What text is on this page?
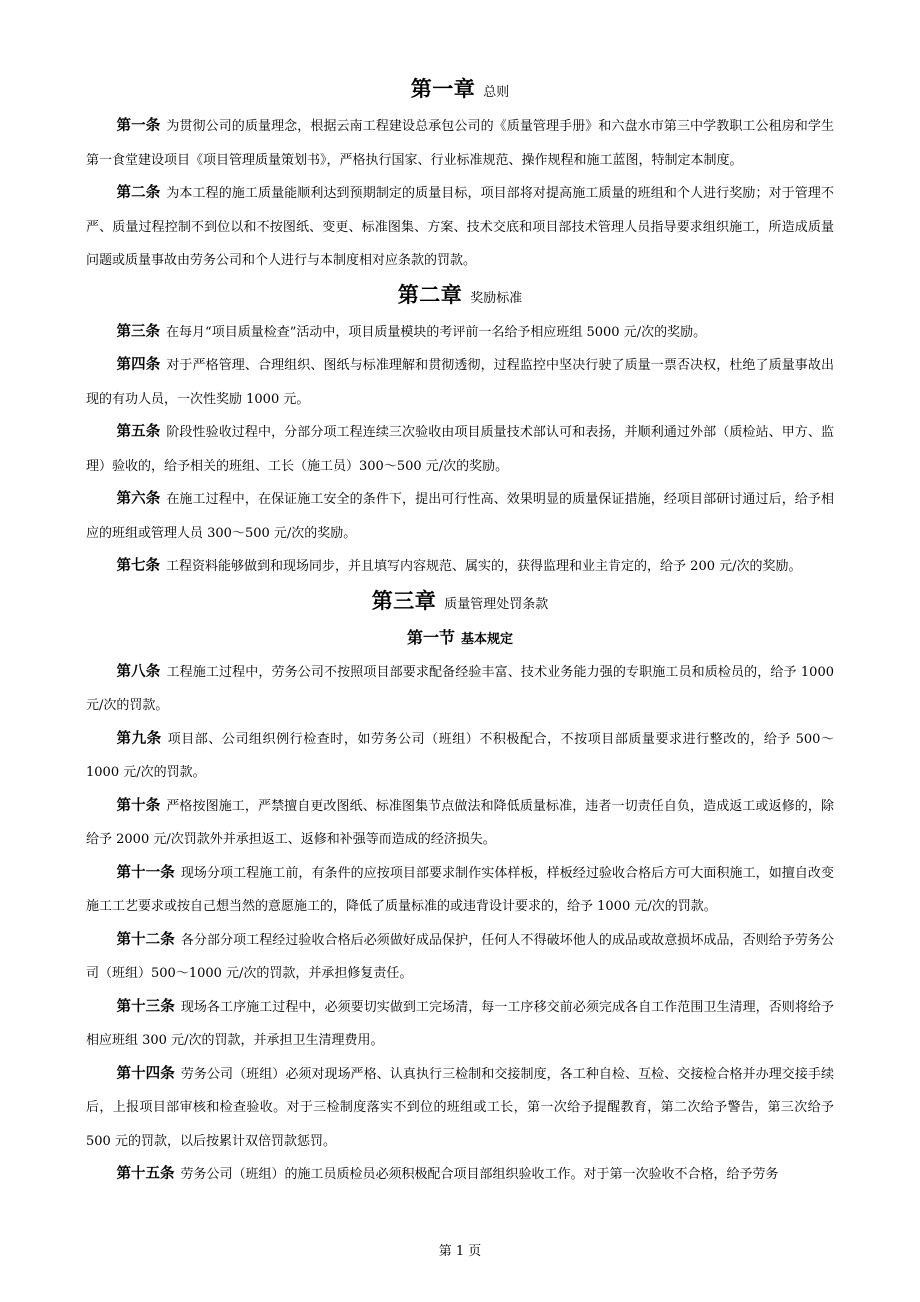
第一章 总则

第一条 为贯彻公司的质量理念，根据云南工程建设总承包公司的《质量管理手册》和六盘水市第三中学教职工公租房和学生第一食堂建设项目《项目管理质量策划书》，严格执行国家、行业标准规范、操作规程和施工蓝图，特制定本制度。

第二条 为本工程的施工质量能顺利达到预期制定的质量目标，项目部将对提高施工质量的班组和个人进行奖励；对于管理不严、质量过程控制不到位以和不按图纸、变更、标准图集、方案、技术交底和项目部技术管理人员指导要求组织施工，所造成质量问题或质量事故由劳务公司和个人进行与本制度相对应条款的罚款。

第二章 奖励标准

第三条 在每月“项目质量检查”活动中，项目质量模块的考评前一名给予相应班组 5000 元/次的奖励。

第四条 对于严格管理、合理组织、图纸与标准理解和贯彻透彻，过程监控中坚决行驶了质量一票否决权，杜绝了质量事故出现的有功人员，一次性奖励 1000 元。

第五条 阶段性验收过程中，分部分项工程连续三次验收由项目质量技术部认可和表扬，并顺利通过外部（质检站、甲方、监理）验收的，给予相关的班组、工长（施工员）300～500 元/次的奖励。

第六条 在施工过程中，在保证施工安全的条件下，提出可行性高、效果明显的质量保证措施，经项目部研讨通过后，给予相应的班组或管理人员 300～500 元/次的奖励。

第七条 工程资料能够做到和现场同步，并且填写内容规范、属实的，获得监理和业主肯定的，给予 200 元/次的奖励。

第三章 质量管理处罚条款
第一节 基本规定

第八条 工程施工过程中，劳务公司不按照项目部要求配备经验丰富、技术业务能力强的专职施工员和质检员的，给予 1000 元/次的罚款。

第九条 项目部、公司组织例行检查时，如劳务公司（班组）不积极配合，不按项目部质量要求进行整改的，给予 500～1000 元/次的罚款。

第十条 严格按图施工，严禁擅自更改图纸、标准图集节点做法和降低质量标准，违者一切责任自负，造成返工或返修的，除给予 2000 元/次罚款外并承担返工、返修和补强等而造成的经济损失。

第十一条 现场分项工程施工前，有条件的应按项目部要求制作实体样板，样板经过验收合格后方可大面积施工，如擅自改变施工工艺要求或按自己想当然的意愿施工的，降低了质量标准的或违背设计要求的，给予 1000 元/次的罚款。

第十二条 各分部分项工程经过验收合格后必须做好成品保护，任何人不得破坏他人的成品或故意损坏成品，否则给予劳务公司（班组）500～1000 元/次的罚款，并承担修复责任。

第十三条 现场各工序施工过程中，必须要切实做到工完场清，每一工序移交前必须完成各自工作范围卫生清理，否则将给予相应班组 300 元/次的罚款，并承担卫生清理费用。

第十四条 劳务公司（班组）必须对现场严格、认真执行三检制和交接制度，各工种自检、互检、交接检合格并办理交接手续后，上报项目部审核和检查验收。对于三检制度落实不到位的班组或工长，第一次给予提醒教育，第二次给予警告，第三次给予 500 元的罚款，以后按累计双倍罚款惩罚。

第十五条 劳务公司（班组）的施工员质检员必须积极配合项目部组织验收工作。对于第一次验收不合格，给予劳务

第 1 页
